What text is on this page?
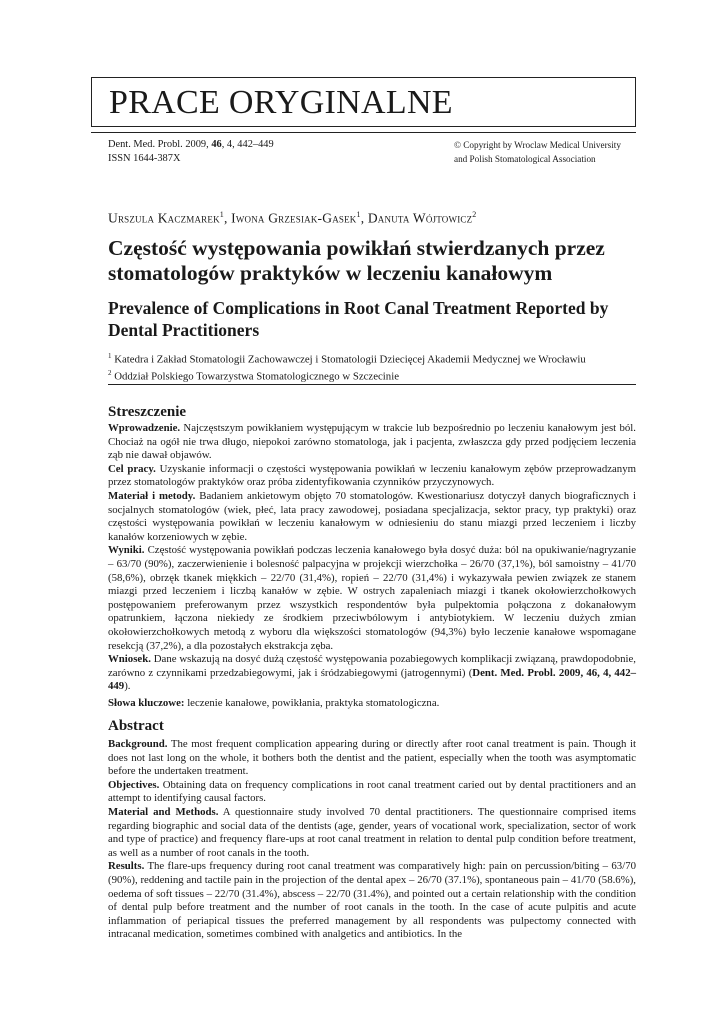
PRACE ORYGINALNE
Dent. Med. Probl. 2009, 46, 4, 442–449
ISSN 1644-387X
© Copyright by Wroclaw Medical University
and Polish Stomatological Association
Urszula Kaczmarek$^1$, Iwona Grzesiak-Gasek$^1$, Danuta Wójtowicz$^2$
Częstość występowania powikłań stwierdzanych przez stomatologów praktyków w leczeniu kanałowym
Prevalence of Complications in Root Canal Treatment Reported by Dental Practitioners
$^1$ Katedra i Zakład Stomatologii Zachowawczej i Stomatologii Dziecięcej Akademii Medycznej we Wrocławiu
$^2$ Oddział Polskiego Towarzystwa Stomatologicznego w Szczecinie
Streszczenie

Wprowadzenie. Najczęstszym powikłaniem występującym w trakcie lub bezpośrednio po leczeniu kanałowym jest ból. Chociaż na ogół nie trwa długo, niepokoi zarówno stomatologa, jak i pacjenta, zwłaszcza gdy przed podjęciem leczenia ząb nie dawał objawów.

Cel pracy. Uzyskanie informacji o częstości występowania powikłań w leczeniu kanałowym zębów przeprowadzanym przez stomatologów praktyków oraz próba zidentyfikowania czynników przyczynowych.

Materiał i metody. Badaniem ankietowym objęto 70 stomatologów. Kwestionariusz dotyczył danych biograficznych i socjalnych stomatologów (wiek, płeć, lata pracy zawodowej, posiadana specjalizacja, sektor pracy, typ praktyki) oraz częstości występowania powikłań w leczeniu kanałowym w odniesieniu do stanu miazgi przed leczeniem i liczby kanałów korzeniowych w zębie.

Wyniki. Częstość występowania powikłań podczas leczenia kanałowego była dosyć duża: ból na opukiwanie/nagryzanie – 63/70 (90%), zaczerwienienie i bolesność palpacyjna w projekcji wierzchołka – 26/70 (37,1%), ból samoistny – 41/70 (58,6%), obrzęk tkanek miękkich – 22/70 (31,4%), ropień – 22/70 (31,4%) i wykazywała pewien związek ze stanem miazgi przed leczeniem i liczbą kanałów w zębie. W ostrych zapaleniach miazgi i tkanek okołowierzchołkowych postępowaniem preferowanym przez wszystkich respondentów była pulpektomia połączona z dokanałowym opatrunkiem, łączona niekiedy ze środkiem przeciwbólowym i antybiotykiem. W leczeniu dużych zmian okołowierzchołkowych metodą z wyboru dla większości stomatologów (94,3%) było leczenie kanałowe wspomagane resekcją (37,2%), a dla pozostałych ekstrakcja zęba.

Wniosek. Dane wskazują na dosyć dużą częstość występowania pozabiegowych komplikacji związaną, prawdopodobnie, zarówno z czynnikami przedzabiegowymi, jak i śródzabiegowymi (jatrogennymi) (Dent. Med. Probl. 2009, 46, 4, 442–449).

Słowa kluczowe: leczenie kanałowe, powikłania, praktyka stomatologiczna.
Abstract

Background. The most frequent complication appearing during or directly after root canal treatment is pain. Though it does not last long on the whole, it bothers both the dentist and the patient, especially when the tooth was asymptomatic before the undertaken treatment.

Objectives. Obtaining data on frequency complications in root canal treatment caried out by dental practitioners and an attempt to identifying causal factors.

Material and Methods. A questionnaire study involved 70 dental practitioners. The questionnaire comprised items regarding biographic and social data of the dentists (age, gender, years of vocational work, specialization, sector of work and type of practice) and frequency flare-ups at root canal treatment in relation to dental pulp condition before treatment, as well as a number of root canals in the tooth.

Results. The flare-ups frequency during root canal treatment was comparatively high: pain on percussion/biting – 63/70 (90%), reddening and tactile pain in the projection of the dental apex – 26/70 (37.1%), spontaneous pain – 41/70 (58.6%), oedema of soft tissues – 22/70 (31.4%), abscess – 22/70 (31.4%), and pointed out a certain relationship with the condition of dental pulp before treatment and the number of root canals in the tooth. In the case of acute pulpitis and acute inflammation of periapical tissues the preferred management by all respondents was pulpectomy connected with intracanal medication, sometimes combined with analgetics and antibiotics. In the
